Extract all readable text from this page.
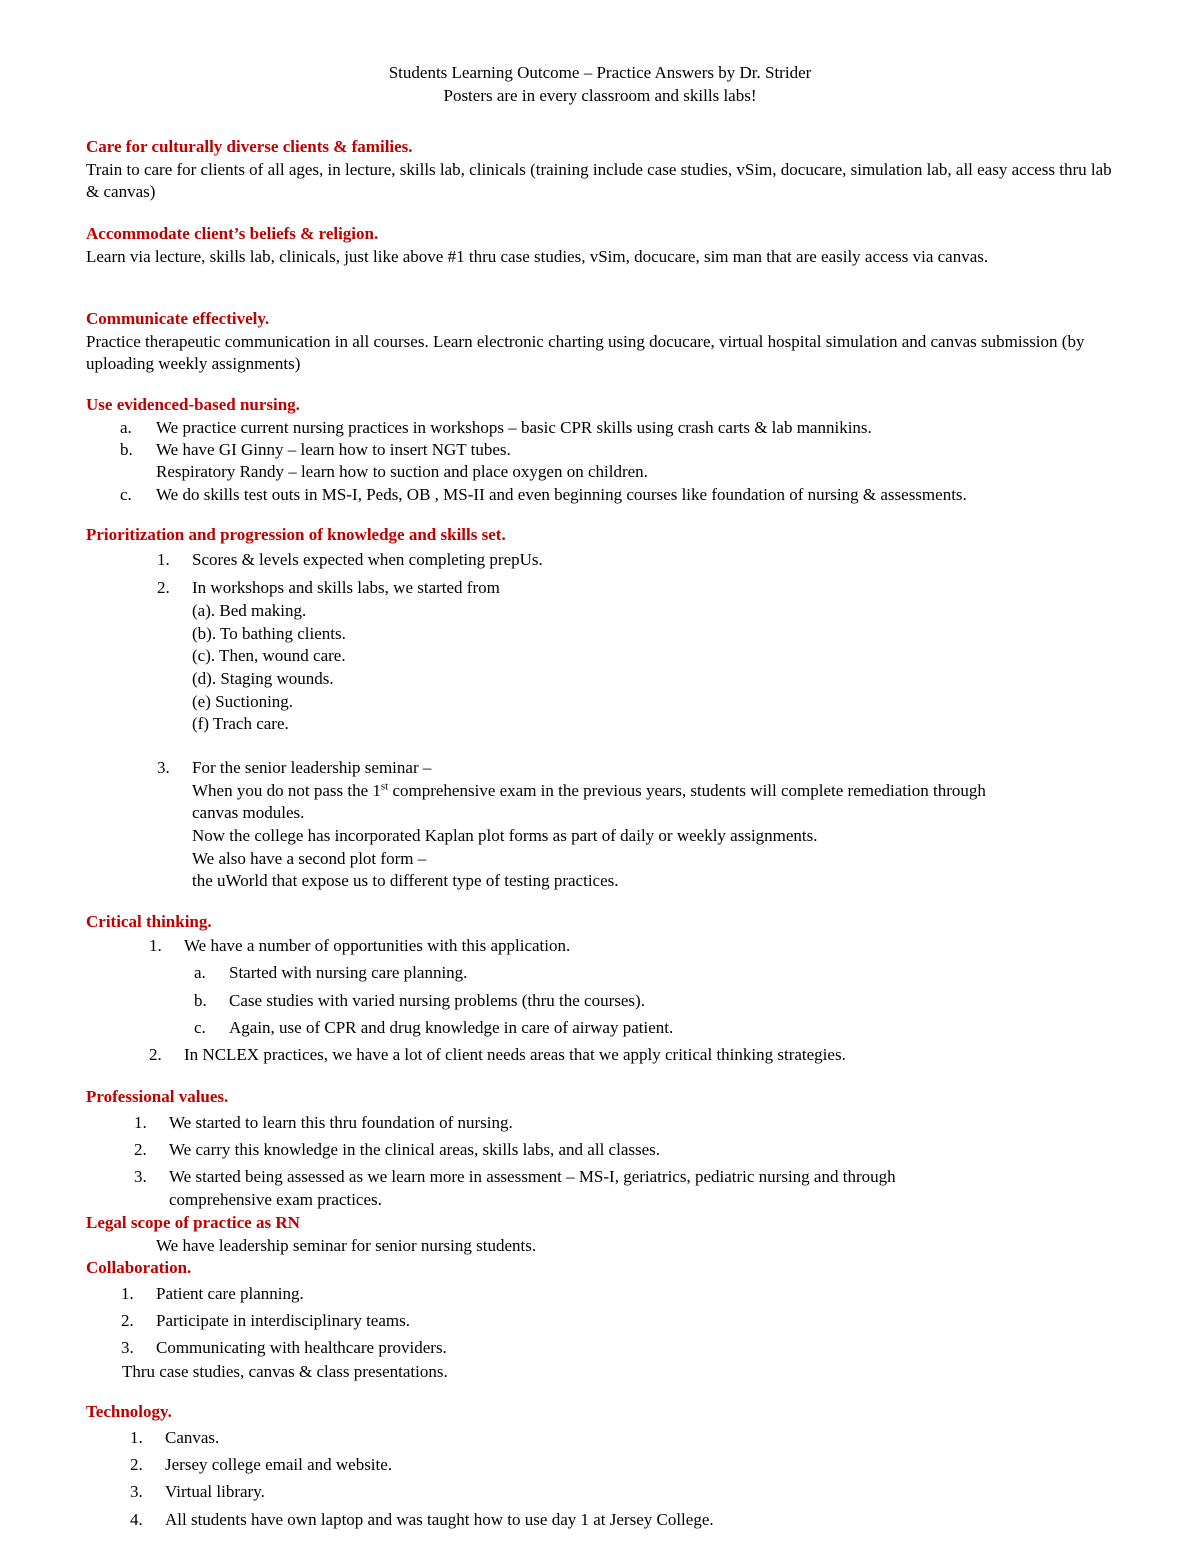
Students Learning Outcome – Practice Answers by Dr. Strider
Posters are in every classroom and skills labs!
Care for culturally diverse clients & families.
Train to care for clients of all ages, in lecture, skills lab, clinicals (training include case studies, vSim, docucare, simulation lab, all easy access thru lab & canvas)
Accommodate client’s beliefs & religion.
Learn via lecture, skills lab, clinicals, just like above #1 thru case studies, vSim, docucare, sim man that are easily access via canvas.
Communicate effectively.
Practice therapeutic communication in all courses. Learn electronic charting using docucare, virtual hospital simulation and canvas submission (by uploading weekly assignments)
Use evidenced-based nursing.
a. We practice current nursing practices in workshops – basic CPR skills using crash carts & lab mannikins.
b. We have GI Ginny – learn how to insert NGT tubes.
Respiratory Randy – learn how to suction and place oxygen on children.
c. We do skills test outs in MS-I, Peds, OB , MS-II and even beginning courses like foundation of nursing & assessments.
Prioritization and progression of knowledge and skills set.
1. Scores & levels expected when completing prepUs.
2. In workshops and skills labs, we started from
(a). Bed making.
(b). To bathing clients.
(c). Then, wound care.
(d). Staging wounds.
(e) Suctioning.
(f) Trach care.
3. For the senior leadership seminar –
When you do not pass the 1st comprehensive exam in the previous years, students will complete remediation through
canvas modules.
Now the college has incorporated Kaplan plot forms as part of daily or weekly assignments.
We also have a second plot form –
the uWorld that expose us to different type of testing practices.
Critical thinking.
1. We have a number of opportunities with this application.
a. Started with nursing care planning.
b. Case studies with varied nursing problems (thru the courses).
c. Again, use of CPR and drug knowledge in care of airway patient.
2. In NCLEX practices, we have a lot of client needs areas that we apply critical thinking strategies.
Professional values.
1. We started to learn this thru foundation of nursing.
2. We carry this knowledge in the clinical areas, skills labs, and all classes.
3. We started being assessed as we learn more in assessment – MS-I, geriatrics, pediatric nursing and through
comprehensive exam practices.
Legal scope of practice as RN
We have leadership seminar for senior nursing students.
Collaboration.
1. Patient care planning.
2. Participate in interdisciplinary teams.
3. Communicating with healthcare providers.
Thru case studies, canvas & class presentations.
Technology.
1. Canvas.
2. Jersey college email and website.
3. Virtual library.
4. All students have own laptop and was taught how to use day 1 at Jersey College.
